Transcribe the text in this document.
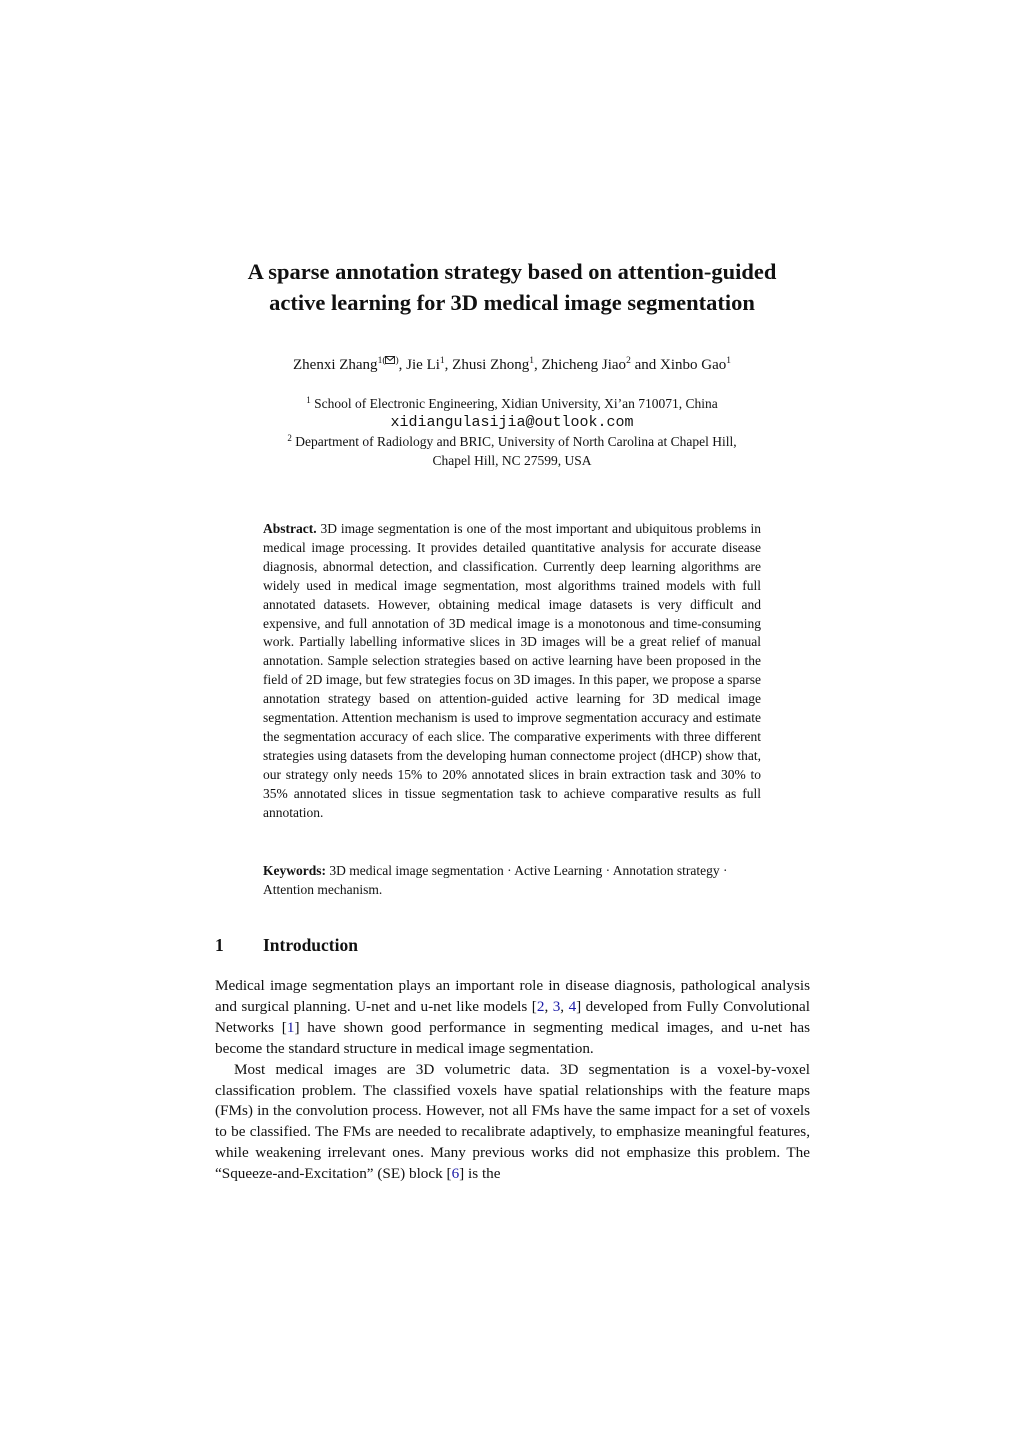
A sparse annotation strategy based on attention-guided
active learning for 3D medical image segmentation
Zhenxi Zhang$^{1( )}$, Jie Li$^1$, Zhusi Zhong$^1$, Zhicheng Jiao$^2$ and Xinbo Gao$^1$
$^1$ School of Electronic Engineering, Xidian University, Xi’an 710071, China
xidiangulasijia@outlook.com
$^2$ Department of Radiology and BRIC, University of North Carolina at Chapel Hill,
Chapel Hill, NC 27599, USA

Abstract. 3D image segmentation is one of the most important and ubiquitous problems in medical image processing. It provides detailed quantitative analysis for accurate disease diagnosis, abnormal detection, and classification. Currently deep learning algorithms are widely used in medical image segmentation, most algorithms trained models with full annotated datasets. However, obtaining medical image datasets is very difficult and expensive, and full annotation of 3D medical image is a monotonous and time-consuming work. Partially labelling informative slices in 3D images will be a great relief of manual annotation. Sample selection strategies based on active learning have been proposed in the field of 2D image, but few strategies focus on 3D images. In this paper, we propose a sparse annotation strategy based on attention-guided active learning for 3D medical image segmentation. Attention mechanism is used to improve segmentation accuracy and estimate the segmentation accuracy of each slice. The comparative experiments with three different strategies using datasets from the developing human connectome project (dHCP) show that, our strategy only needs 15% to 20% annotated slices in brain extraction task and 30% to 35% annotated slices in tissue segmentation task to achieve comparative results as full annotation.

Keywords: 3D medical image segmentation · Active Learning · Annotation strategy · Attention mechanism.

1 Introduction

Medical image segmentation plays an important role in disease diagnosis, pathological analysis and surgical planning. U-net and u-net like models [2, 3, 4] developed from Fully Convolutional Networks [1] have shown good performance in segmenting medical images, and u-net has become the standard structure in medical image segmentation.

Most medical images are 3D volumetric data. 3D segmentation is a voxel-by-voxel classification problem. The classified voxels have spatial relationships with the feature maps (FMs) in the convolution process. However, not all FMs have the same impact for a set of voxels to be classified. The FMs are needed to recalibrate adaptively, to emphasize meaningful features, while weakening irrelevant ones. Many previous works did not emphasize this problem. The “Squeeze-and-Excitation” (SE) block [6] is the
